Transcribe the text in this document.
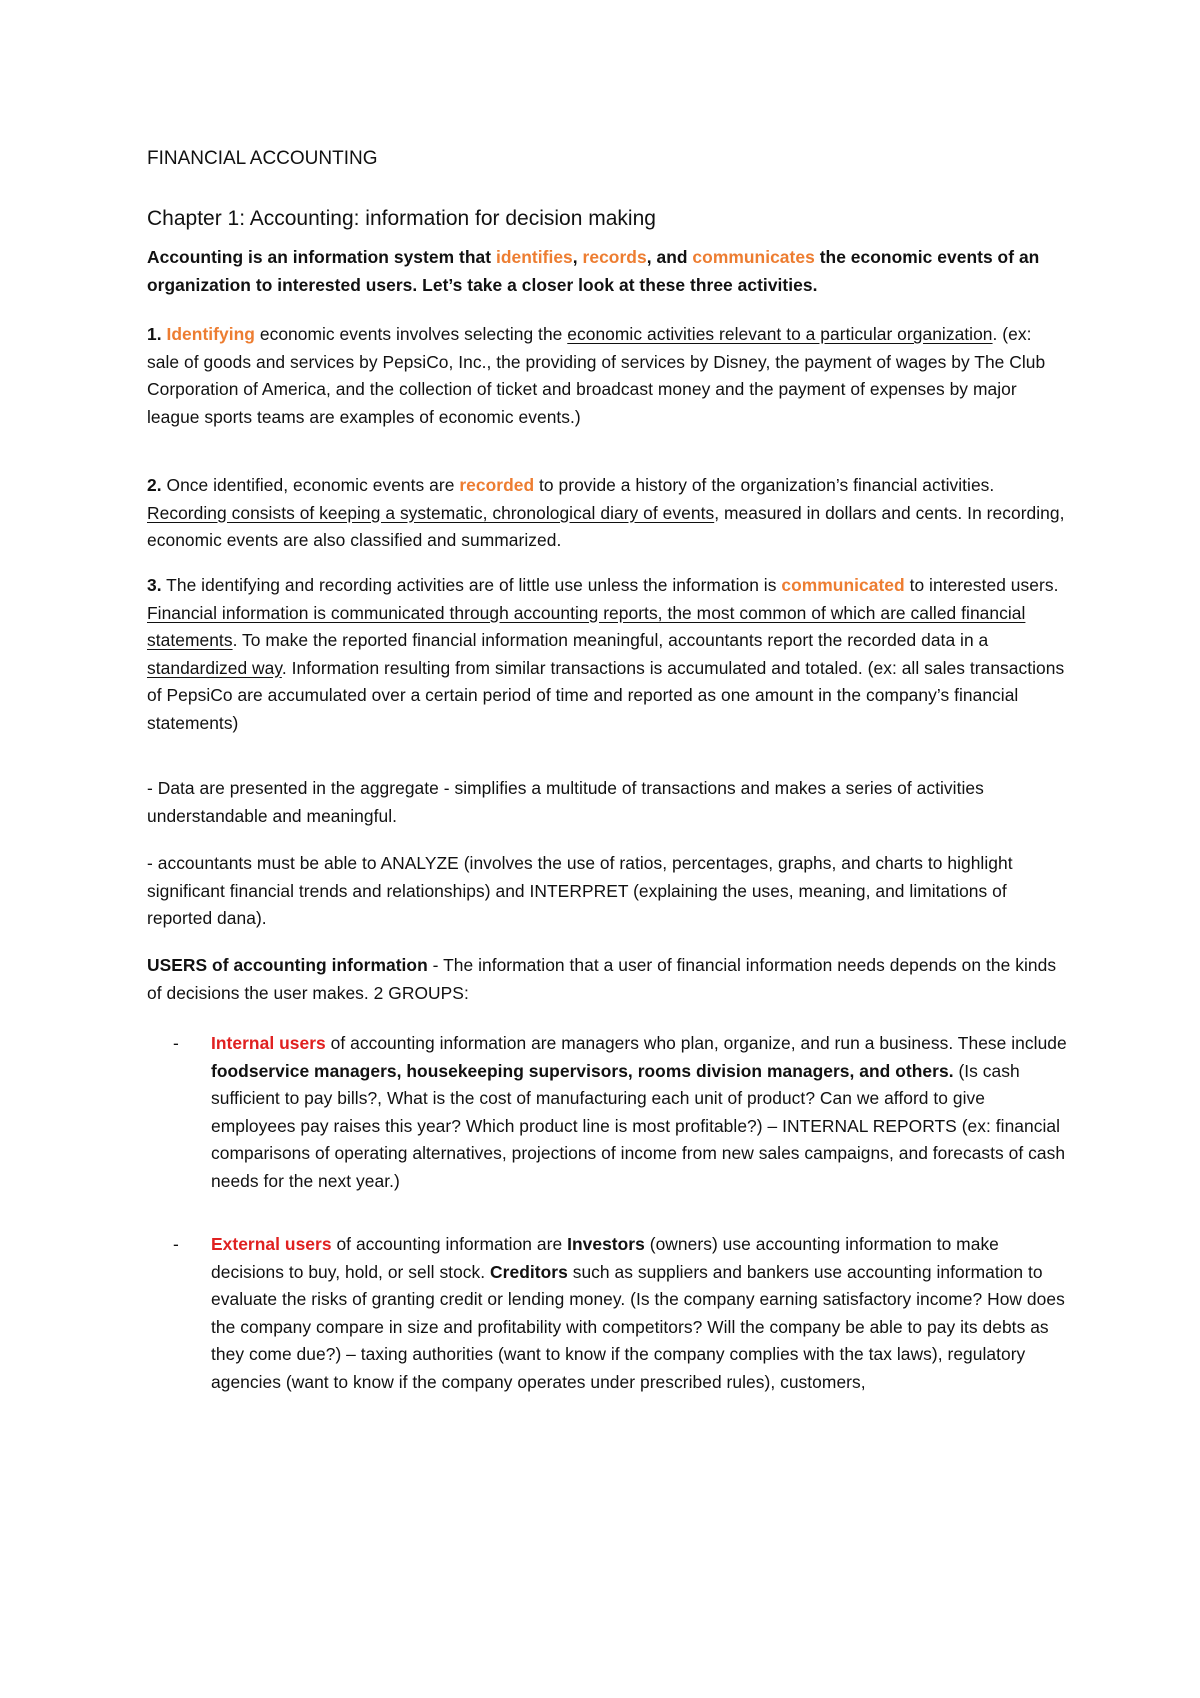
FINANCIAL ACCOUNTING
Chapter 1: Accounting: information for decision making

Accounting is an information system that identifies, records, and communicates the economic events of an organization to interested users. Let’s take a closer look at these three activities.

1. Identifying economic events involves selecting the economic activities relevant to a particular organization. (ex: sale of goods and services by PepsiCo, Inc., the providing of services by Disney, the payment of wages by The Club Corporation of America, and the collection of ticket and broadcast money and the payment of expenses by major league sports teams are examples of economic events.)

2. Once identified, economic events are recorded to provide a history of the organization’s financial activities. Recording consists of keeping a systematic, chronological diary of events, measured in dollars and cents. In recording, economic events are also classified and summarized.

3. The identifying and recording activities are of little use unless the information is communicated to interested users. Financial information is communicated through accounting reports, the most common of which are called financial statements. To make the reported financial information meaningful, accountants report the recorded data in a standardized way. Information resulting from similar transactions is accumulated and totaled. (ex: all sales transactions of PepsiCo are accumulated over a certain period of time and reported as one amount in the company’s financial statements)

- Data are presented in the aggregate - simplifies a multitude of transactions and makes a series of activities understandable and meaningful.

- accountants must be able to ANALYZE (involves the use of ratios, percentages, graphs, and charts to highlight significant financial trends and relationships) and INTERPRET (explaining the uses, meaning, and limitations of reported dana).

USERS of accounting information - The information that a user of financial information needs depends on the kinds of decisions the user makes. 2 GROUPS:

- Internal users of accounting information are managers who plan, organize, and run a business. These include foodservice managers, housekeeping supervisors, rooms division managers, and others. (Is cash sufficient to pay bills?, What is the cost of manufacturing each unit of product? Can we afford to give employees pay raises this year? Which product line is most profitable?) – INTERNAL REPORTS (ex: financial comparisons of operating alternatives, projections of income from new sales campaigns, and forecasts of cash needs for the next year.)
- External users of accounting information are Investors (owners) use accounting information to make decisions to buy, hold, or sell stock. Creditors such as suppliers and bankers use accounting information to evaluate the risks of granting credit or lending money. (Is the company earning satisfactory income? How does the company compare in size and profitability with competitors? Will the company be able to pay its debts as they come due?) – taxing authorities (want to know if the company complies with the tax laws), regulatory agencies (want to know if the company operates under prescribed rules), customers,
